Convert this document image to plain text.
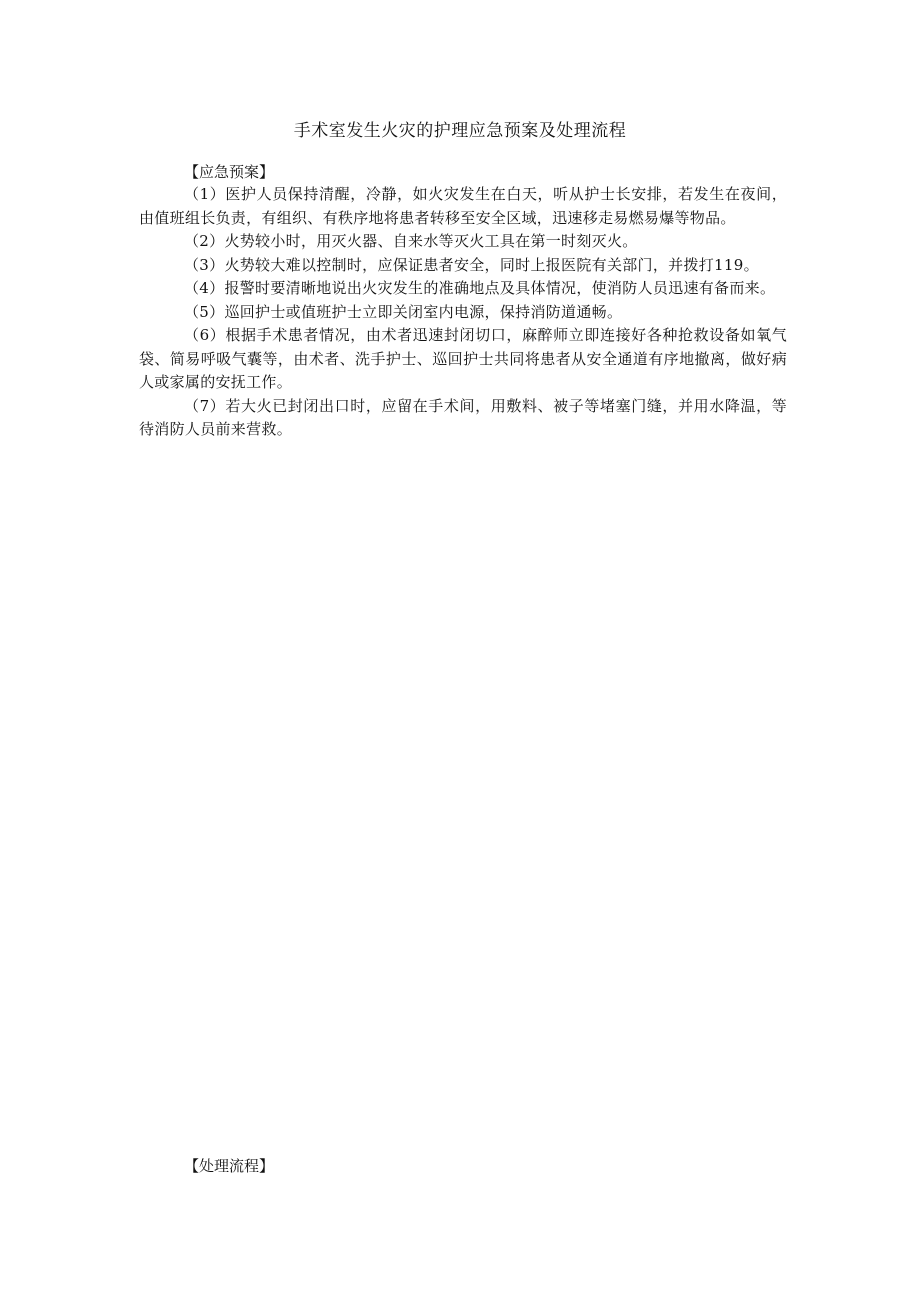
手术室发生火灾的护理应急预案及处理流程
【应急预案】

（1）医护人员保持清醒，冷静，如火灾发生在白天，听从护士长安排，若发生在夜间，由值班组长负责，有组织、有秩序地将患者转移至安全区域，迅速移走易燃易爆等物品。

（2）火势较小时，用灭火器、自来水等灭火工具在第一时刻灭火。

（3）火势较大难以控制时，应保证患者安全，同时上报医院有关部门，并拨打119。

（4）报警时要清晰地说出火灾发生的准确地点及具体情况，使消防人员迅速有备而来。

（5）巡回护士或值班护士立即关闭室内电源，保持消防道通畅。

（6）根据手术患者情况，由术者迅速封闭切口，麻醉师立即连接好各种抢救设备如氧气袋、简易呼吸气囊等，由术者、洗手护士、巡回护士共同将患者从安全通道有序地撤离，做好病人或家属的安抚工作。

（7）若大火已封闭出口时，应留在手术间，用敷料、被子等堵塞门缝，并用水降温，等待消防人员前来营救。

【处理流程】
